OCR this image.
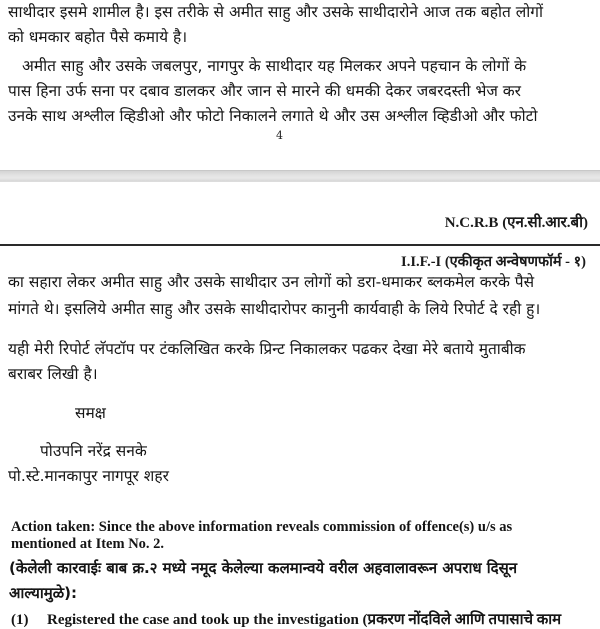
साथीदार इसमे शामील है। इस तरीके से अमीत साहु और उसके साथीदारोने आज तक बहोत लोगों
को धमकार बहोत पैसे कमाये है।
अमीत साहु और उसके जबलपुर, नागपुर के साथीदार यह मिलकर अपने पहचान के लोगों के
पास हिना उर्फ सना पर दबाव डालकर और जान से मारने की धमकी देकर जबरदस्ती भेज कर
उनके साथ अश्लील व्हिडीओ और फोटो निकालने लगाते थे और उस अश्लील व्हिडीओ और फोटो
4
N.C.R.B (एन.सी.आर.बी)
I.I.F.-I (एकीकृत अन्वेषणफॉर्म - १)
का सहारा लेकर अमीत साहु और उसके साथीदार उन लोगों को डरा-धमाकर ब्लकमेल करके पैसे
मांगते थे। इसलिये अमीत साहु और उसके साथीदारोपर कानुनी कार्यवाही के लिये रिपोर्ट दे रही हु।
यही मेरी रिपोर्ट लॅपटॉप पर टंकलिखित करके प्रिन्ट निकालकर पढकर देखा मेरे बताये मुताबीक
बराबर लिखी है।
समक्ष
पोउपनि नरेंद्र सनके
पो.स्टे.मानकापुर नागपूर शहर
Action taken: Since the above information reveals commission of offence(s) u/s as
mentioned at Item No. 2.
(केलेली कारवाईः बाब क्र.२ मध्ये नमूद केलेल्या कलमान्वये वरील अहवालावरून अपराध दिसून
आल्यामुळे):
(1) Registered the case and took up the investigation (प्रकरण नोंदविले आणि तपासाचे काम
